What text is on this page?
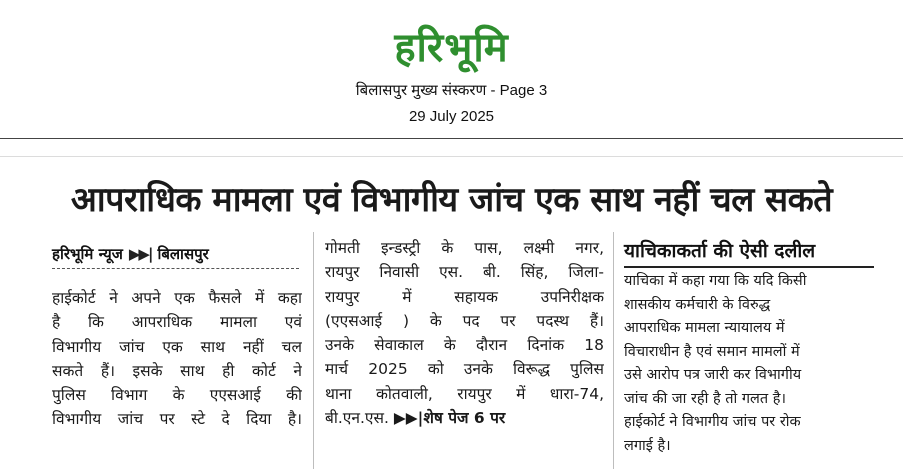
हरिभूमि
बिलासपुर मुख्य संस्करण - Page 3
29 July 2025
आपराधिक मामला एवं विभागीय जांच एक साथ नहीं चल सकते
हरिभूमि न्यूज ▶▶| बिलासपुर
हाईकोर्ट ने अपने एक फैसले में कहा
है कि आपराधिक मामला एवं
विभागीय जांच एक साथ नहीं चल
सकते हैं। इसके साथ ही कोर्ट ने
पुलिस विभाग के एएसआई की
विभागीय जांच पर स्टे दे दिया है।
गोमती इन्डस्ट्री के पास, लक्ष्मी नगर,
रायपुर निवासी एस. बी. सिंह, जिला-
रायपुर में सहायक उपनिरीक्षक
(एएसआई ) के पद पर पदस्थ हैं।
उनके सेवाकाल के दौरान दिनांक 18
मार्च 2025 को उनके विरूद्ध पुलिस
थाना कोतवाली, रायपुर में धारा-74,
बी.एन.एस. ▶▶|शेष पेज 6 पर
याचिकाकर्ता की ऐसी दलील
याचिका में कहा गया कि यदि किसी
शासकीय कर्मचारी के विरुद्ध
आपराधिक मामला न्यायालय में
विचाराधीन है एवं समान मामलों में
उसे आरोप पत्र जारी कर विभागीय
जांच की जा रही है तो गलत है।
हाईकोर्ट ने विभागीय जांच पर रोक
लगाई है।
